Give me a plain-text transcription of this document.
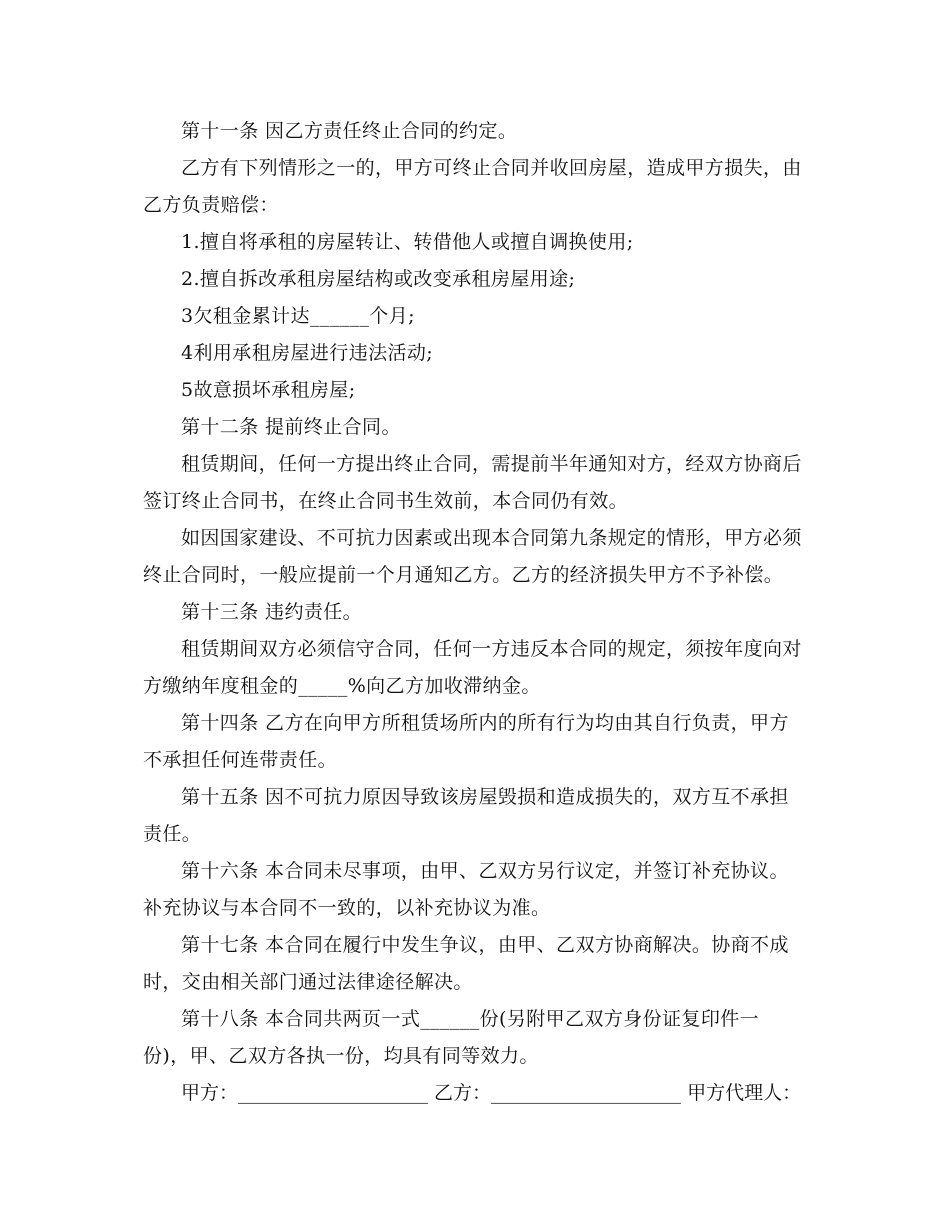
第十一条 因乙方责任终止合同的约定。

乙方有下列情形之一的，甲方可终止合同并收回房屋，造成甲方损失，由乙方负责赔偿：

1.擅自将承租的房屋转让、转借他人或擅自调换使用;

2.擅自拆改承租房屋结构或改变承租房屋用途;

3欠租金累计达______个月;

4利用承租房屋进行违法活动;

5故意损坏承租房屋;

第十二条 提前终止合同。

租赁期间，任何一方提出终止合同，需提前半年通知对方，经双方协商后签订终止合同书，在终止合同书生效前，本合同仍有效。

如因国家建设、不可抗力因素或出现本合同第九条规定的情形，甲方必须终止合同时，一般应提前一个月通知乙方。乙方的经济损失甲方不予补偿。

第十三条 违约责任。

租赁期间双方必须信守合同，任何一方违反本合同的规定，须按年度向对方缴纳年度租金的_____%向乙方加收滞纳金。

第十四条 乙方在向甲方所租赁场所内的所有行为均由其自行负责，甲方不承担任何连带责任。

第十五条 因不可抗力原因导致该房屋毁损和造成损失的，双方互不承担责任。

第十六条 本合同未尽事项，由甲、乙双方另行议定，并签订补充协议。补充协议与本合同不一致的，以补充协议为准。

第十七条 本合同在履行中发生争议，由甲、乙双方协商解决。协商不成时，交由相关部门通过法律途径解决。

第十八条 本合同共两页一式______份(另附甲乙双方身份证复印件一份)，甲、乙双方各执一份，均具有同等效力。

甲方：____________________ 乙方：____________________ 甲方代理人：
